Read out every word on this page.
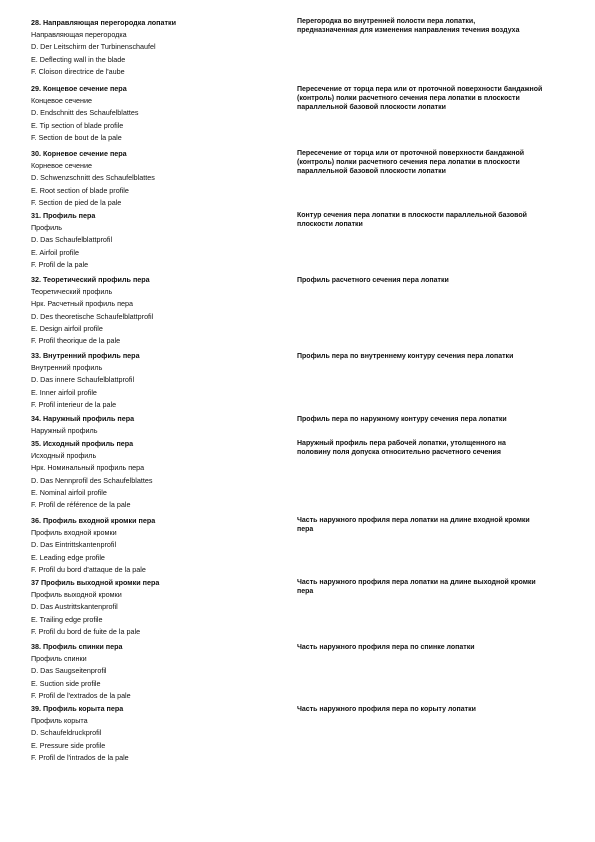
28. Направляющая перегородка лопатки
Направляющая перегородка
D. Der Leitschirm der Turbinenschaufel
E. Deflecting wall in the blade
F. Cloison directrice de l'aube
Перегородка во внутренней полости пера лопатки,
предназначенная для изменения направления течения воздуха
29. Концевое сечение пера
Концевое сечение
D. Endschnitt des Schaufelblattes
E. Tip section of blade profile
F. Section de bout de la pale
Пересечение от торца пера или от проточной поверхности бандажной
(контроль) полки расчетного сечения пера лопатки в плоскости
параллельной базовой плоскости лопатки
30. Корневое сечение пера
Корневое сечение
D. Schwenzschnitt des Schaufelblattes
E. Root section of blade profile
F. Section de pied de la pale
Пересечение от торца или от проточной поверхности бандажной
(контроль) полки расчетного сечения пера лопатки в плоскости
параллельной базовой плоскости лопатки
31. Профиль пера
Профиль
D. Das Schaufelblattprofil
E. Airfoil profile
F. Profil de la pale
Контур сечения пера лопатки в плоскости параллельной базовой
плоскости лопатки
32. Теоретический профиль пера
Теоретический профиль
Нрк. Расчетный профиль пера
D. Des theoretische Schaufelblattprofil
E. Design airfoil profile
F. Profil theorique de la pale
Профиль расчетного сечения пера лопатки
33. Внутренний профиль пера
Внутренний профиль
D. Das innere Schaufelblattprofil
E. Inner airfoil profile
F. Profil interieur de la pale
Профиль пера по внутреннему контуру сечения пера лопатки
34. Наружный профиль пера
Наружный профиль
Профиль пера по наружному контуру сечения пера лопатки
35. Исходный профиль пера
Исходный профиль
Нрк. Номинальный профиль пера
D. Das Nennprofil des Schaufelblattes
E. Nominal airfoil profile
F. Profil de référence de la pale
Наружный профиль пера рабочей лопатки, утолщенного на
половину поля допуска относительно расчетного сечения
36. Профиль входной кромки пера
Профиль входной кромки
D. Das Eintrittskantenprofil
E. Leading edge profile
F. Profil du bord d'attaque de la pale
Часть наружного профиля пера лопатки на длине входной кромки
пера
37 Профиль выходной кромки пера
Профиль выходной кромки
D. Das Austrittskantenprofil
E. Trailing edge profile
F. Profil du bord de fuite de la pale
Часть наружного профиля пера лопатки на длине выходной кромки
пера
38. Профиль спинки пера
Профиль спинки
D. Das Saugseitenprofil
E. Suction side profile
F. Profil de l'extrados de la pale
Часть наружного профиля пера по спинке лопатки
39. Профиль корыта пера
Профиль корыта
D. Schaufeldruckprofil
E. Pressure side profile
F. Profil de l'intrados de la pale
Часть наружного профиля пера по корыту лопатки
